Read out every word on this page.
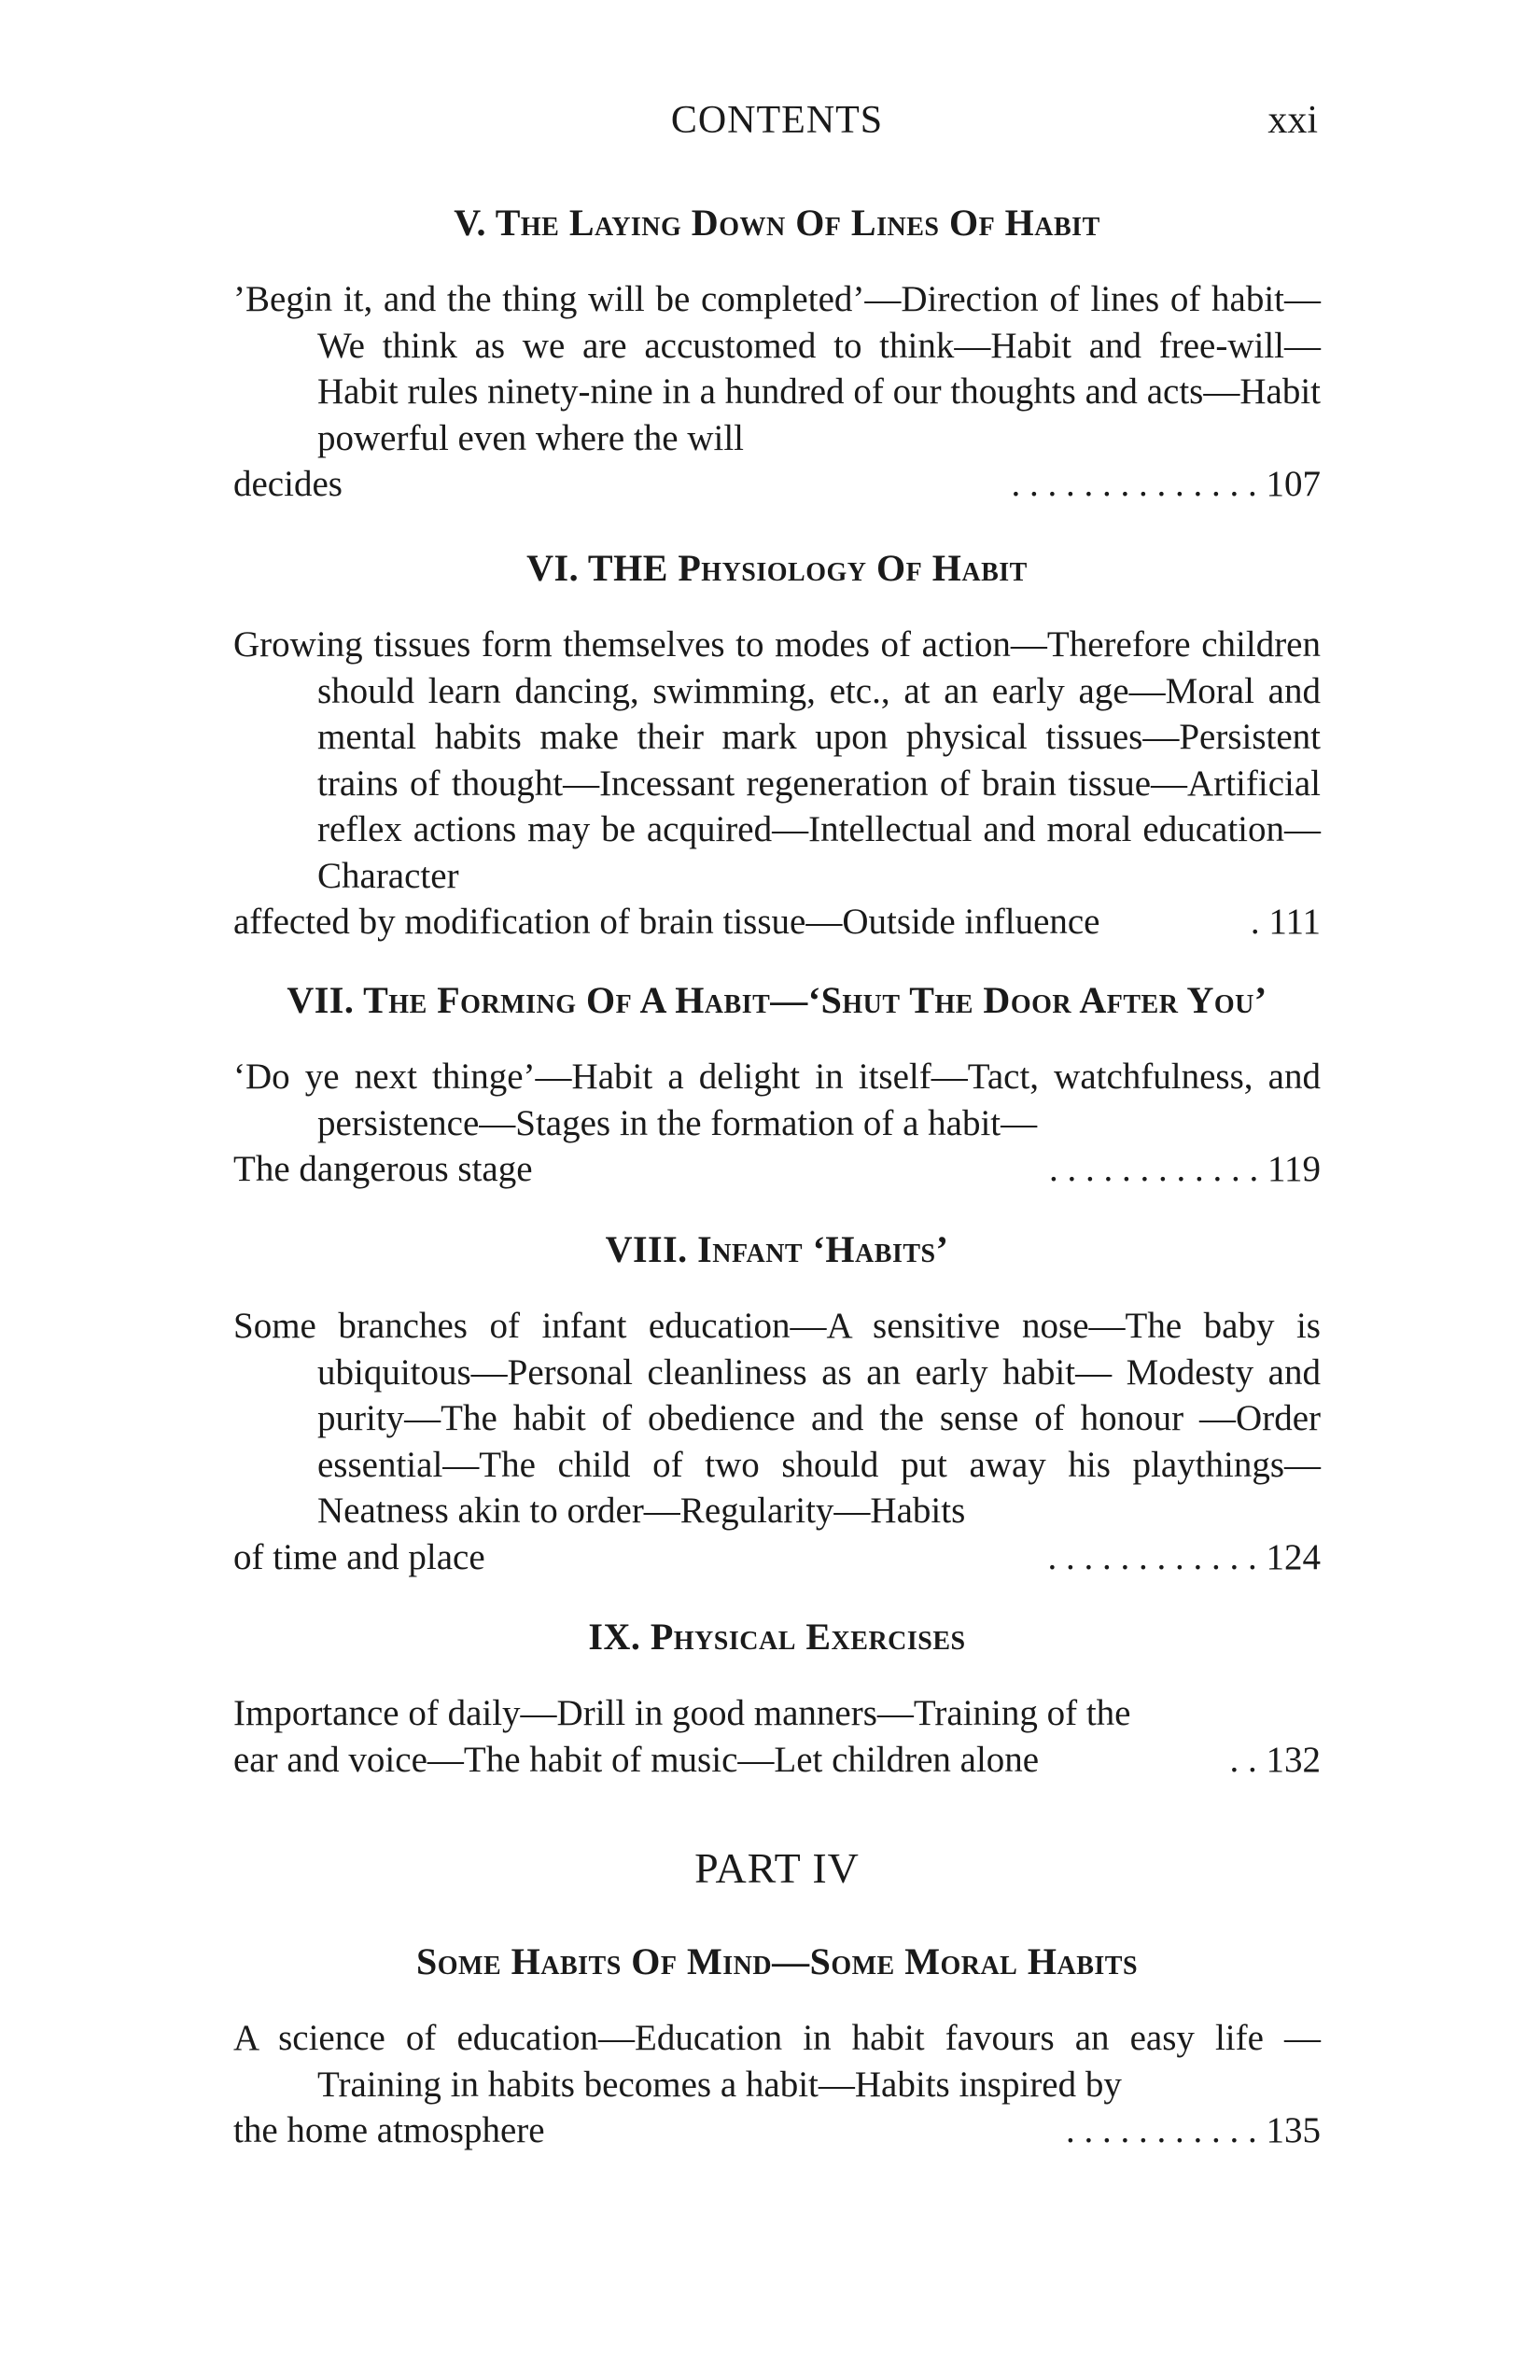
CONTENTS	xxi
V. The Laying Down Of Lines Of Habit
’Begin it, and the thing will be completed’—Direction of lines of habit—We think as we are accustomed to think—Habit and free-will—Habit rules ninety-nine in a hundred of our thoughts and acts—Habit powerful even where the will
decides	. . . . . . . . . . . . . . 107
VI. THE Physiology Of Habit
Growing tissues form themselves to modes of action—Therefore children should learn dancing, swimming, etc., at an early age—Moral and mental habits make their mark upon physical tissues—Persistent trains of thought—Incessant regeneration of brain tissue—Artificial reflex actions may be acquired—Intellectual and moral education—Character
affected by modification of brain tissue—Outside influence	. 111
VII. The Forming Of A Habit—‘Shut The Door After You’
‘Do ye next thinge’—Habit a delight in itself—Tact, watchfulness, and persistence—Stages in the formation of a habit—
The dangerous stage	. . . . . . . . . . . . 119
VIII. Infant ‘Habits’
Some branches of infant education—A sensitive nose—The baby is ubiquitous—Personal cleanliness as an early habit— Modesty and purity—The habit of obedience and the sense of honour —Order essential—The child of two should put away his playthings—Neatness akin to order—Regularity—Habits
of time and place	. . . . . . . . . . . . 124
IX. Physical Exercises
Importance of daily—Drill in good manners—Training of the
ear and voice—The habit of music—Let children alone	. . 132
PART IV
Some Habits Of Mind—Some Moral Habits
A science of education—Education in habit favours an easy life —Training in habits becomes a habit—Habits inspired by
the home atmosphere	. . . . . . . . . . . 135
